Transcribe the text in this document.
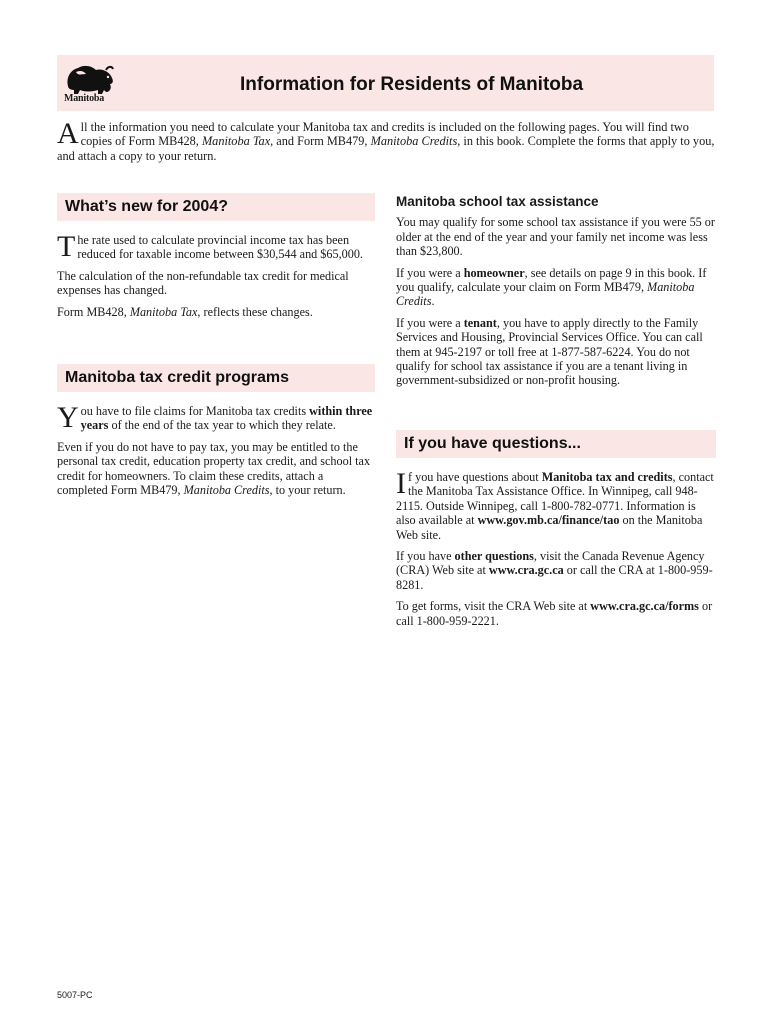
Manitoba
Information for Residents of Manitoba
All the information you need to calculate your Manitoba tax and credits is included on the following pages. You will find two copies of Form MB428, Manitoba Tax, and Form MB479, Manitoba Credits, in this book. Complete the forms that apply to you, and attach a copy to your return.
What’s new for 2004?

The rate used to calculate provincial income tax has been reduced for taxable income between $30,544 and $65,000.

The calculation of the non-refundable tax credit for medical expenses has changed.

Form MB428, Manitoba Tax, reflects these changes.

Manitoba tax credit programs

You have to file claims for Manitoba tax credits within three years of the end of the tax year to which they relate.

Even if you do not have to pay tax, you may be entitled to the personal tax credit, education property tax credit, and school tax credit for homeowners. To claim these credits, attach a completed Form MB479, Manitoba Credits, to your return.

Manitoba school tax assistance

You may qualify for some school tax assistance if you were 55 or older at the end of the year and your family net income was less than $23,800.

If you were a homeowner, see details on page 9 in this book. If you qualify, calculate your claim on Form MB479, Manitoba Credits.

If you were a tenant, you have to apply directly to the Family Services and Housing, Provincial Services Office. You can call them at 945-2197 or toll free at 1-877-587-6224. You do not qualify for school tax assistance if you are a tenant living in government-subsidized or non-profit housing.

If you have questions...

If you have questions about Manitoba tax and credits, contact the Manitoba Tax Assistance Office. In Winnipeg, call 948-2115. Outside Winnipeg, call 1-800-782-0771. Information is also available at www.gov.mb.ca/finance/tao on the Manitoba Web site.

If you have other questions, visit the Canada Revenue Agency (CRA) Web site at www.cra.gc.ca or call the CRA at 1-800-959-8281.

To get forms, visit the CRA Web site at www.cra.gc.ca/forms or call 1-800-959-2221.

5007-PC
